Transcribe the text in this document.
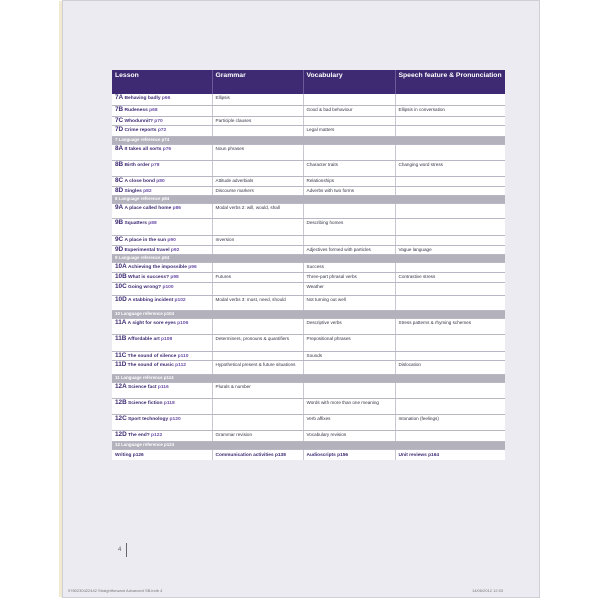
Lesson	Grammar	Vocabulary	Speech feature & Pronunciation
7A Behaving badly p66	Ellipsis		
7B Rudeness p68		Good & bad behaviour	Ellipsis in conversation
7C Whodunnit? p70	Participle clauses		
7D Crime reports p72		Legal matters	
7 Language reference p74			
8A It takes all sorts p76	Noun phrases		
8B Birth order p78		Character traits	Changing word stress
8C A close bond p80	Attitude adverbials	Relationships	
8D Singles p82	Discourse markers	Adverbs with two forms	
8 Language reference p84			
9A A place called home p86	Modal verbs 2: will, would, shall		
9B Squatters p88		Describing homes	
9C A place in the sun p90	Inversion		
9D Experimental travel p92		Adjectives formed with particles	Vague language
9 Language reference p94			
10A Achieving the impossible p96		Success	
10B What is success? p98	Futures	Three-part phrasal verbs	Contrastive stress
10C Going wrong? p100		Weather	
10D A stabbing incident p102	Modal verbs 3: must, need, should	Not turning out well	
10 Language reference p104			
11A A sight for sore eyes p106		Descriptive verbs	Stress patterns & rhyming schemes
11B Affordable art p108	Determiners, pronouns & quantifiers	Prepositional phrases	
11C The sound of silence p110		Sounds	
11D The sound of music p112	Hypothetical present & future situations		Dislocation
11 Language reference p114			
12A Science fact p116	Plurals & number		
12B Science fiction p118		Words with more than one meaning	
12C Sport technology p120		Verb affixes	Intonation (feelings)
12D The end? p122	Grammar revision	Vocabulary revision	
12 Language reference p124			
Writing p126	Communication activities p138	Audioscripts p156	Unit reviews p164
4
9780230422442 Straightforward Advanced SB.indb 4	14/06/2012 12:03
